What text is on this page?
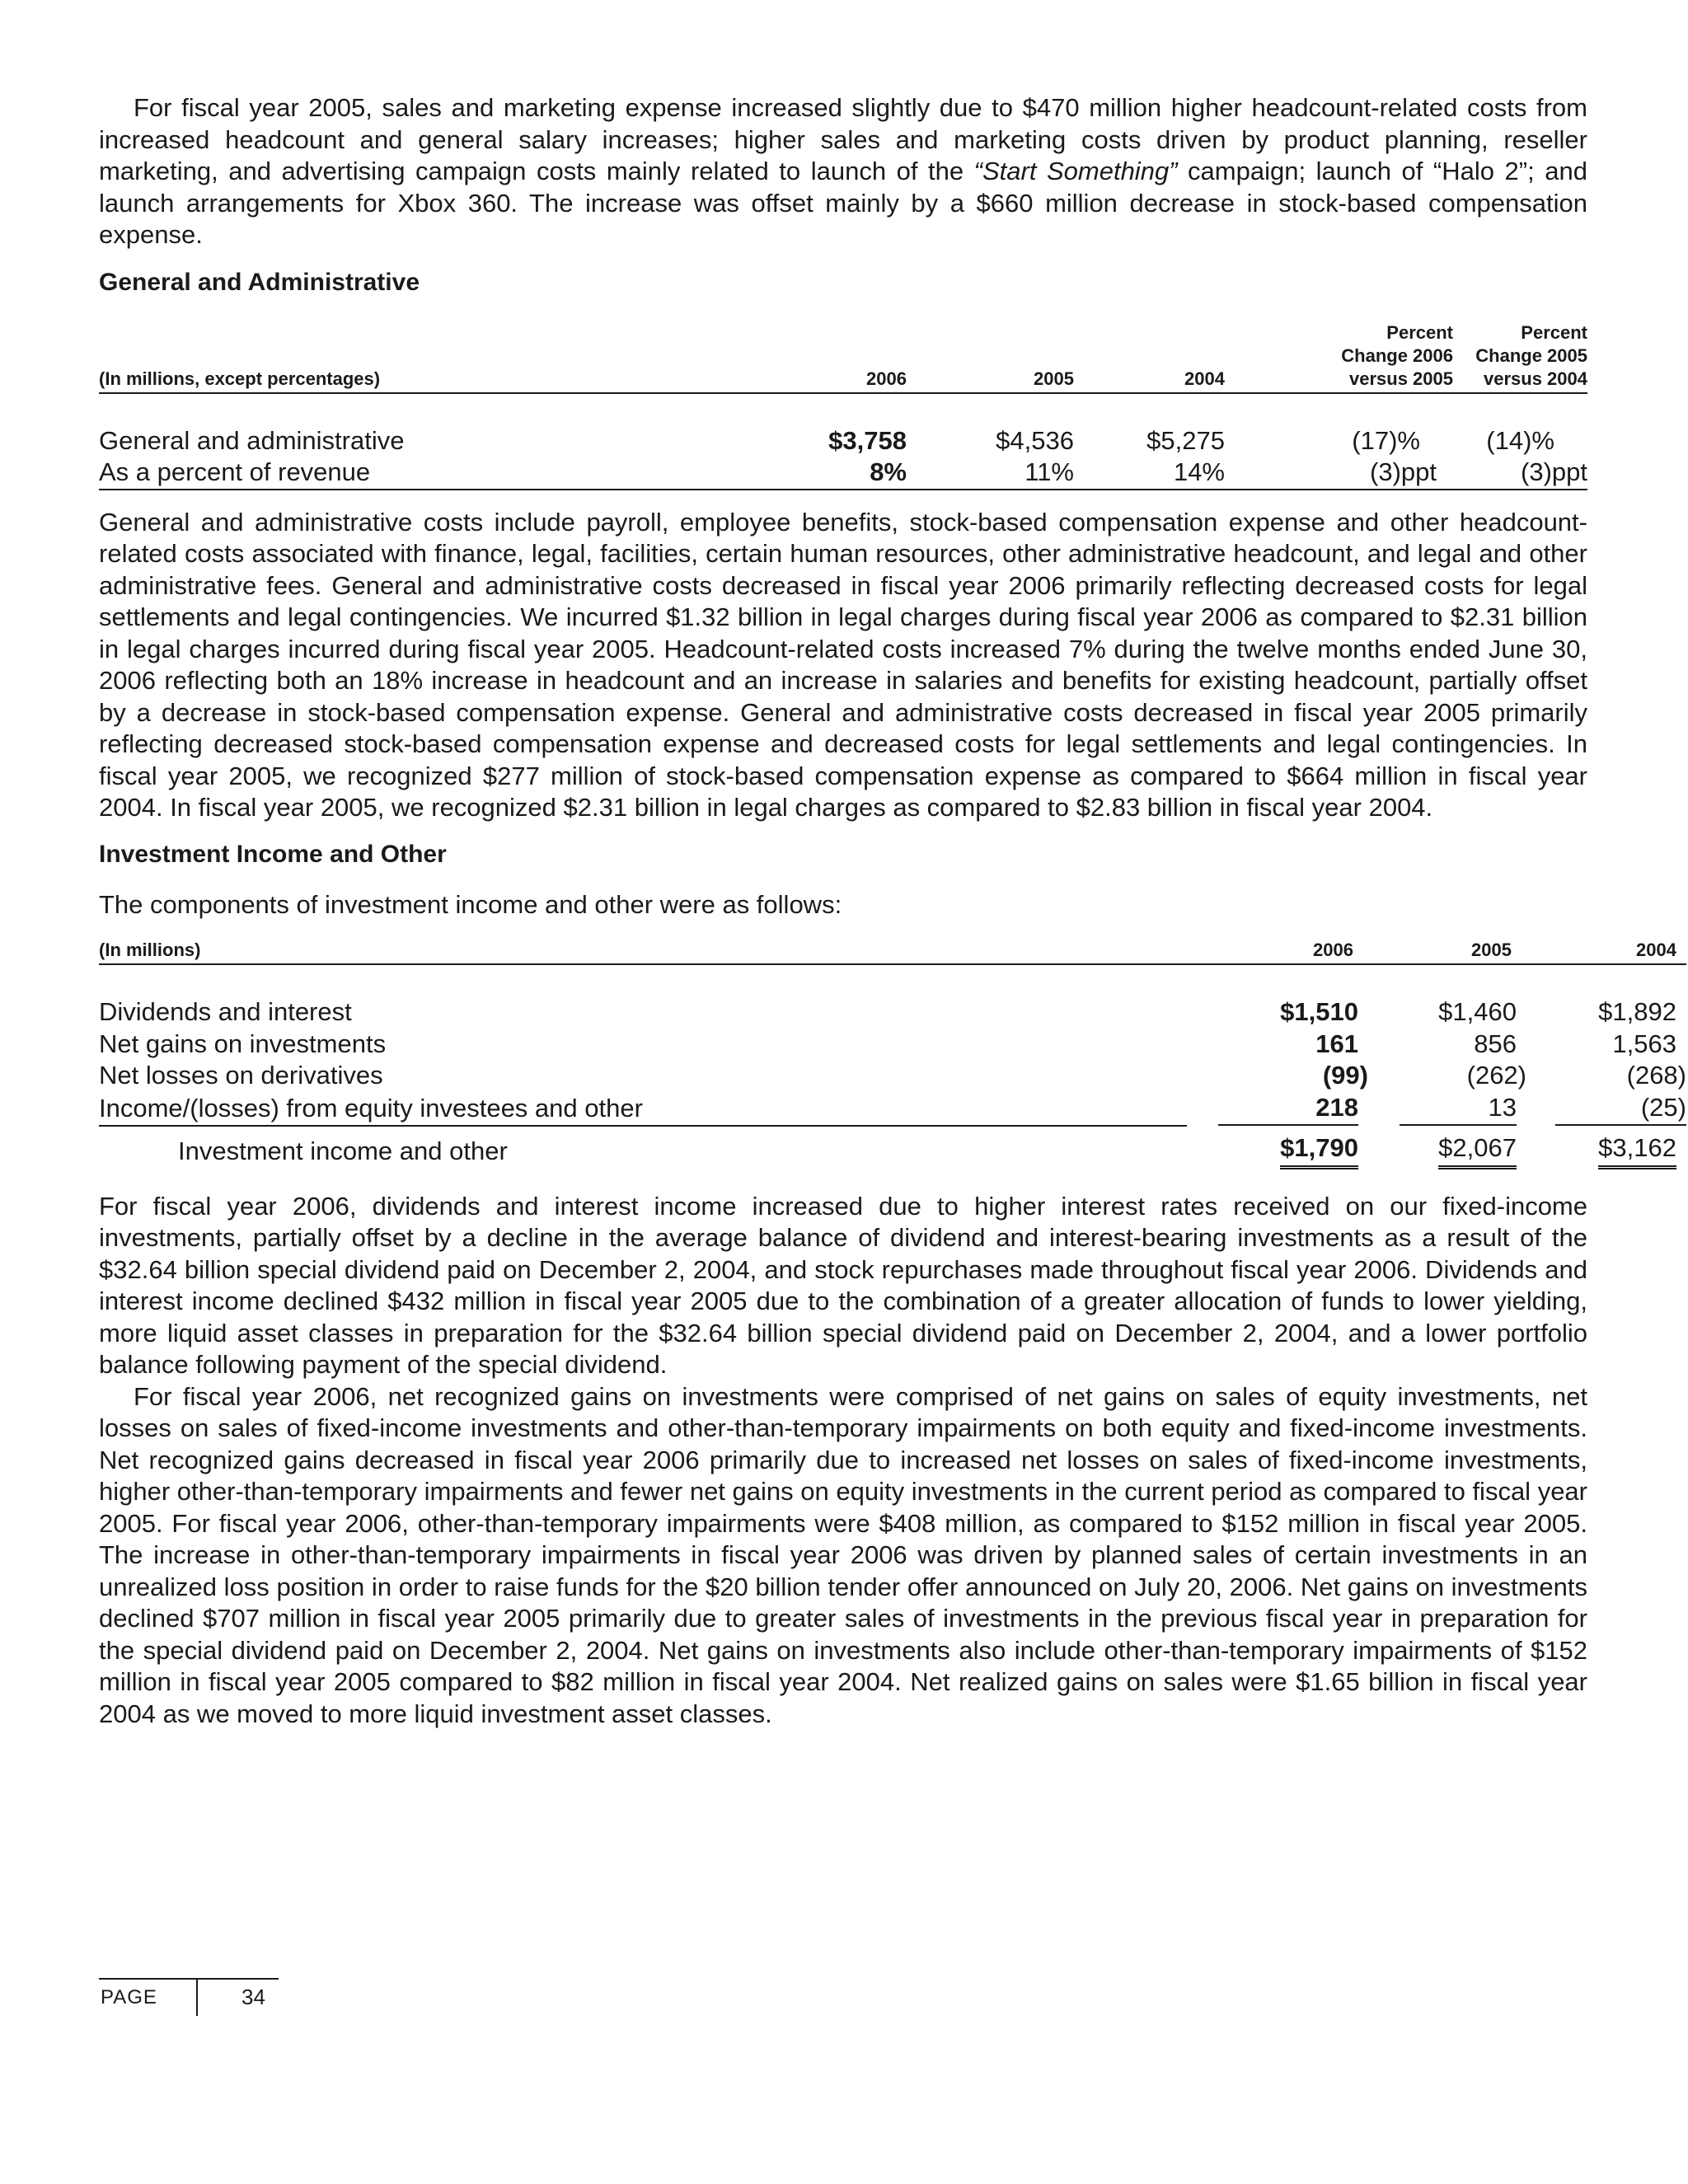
For fiscal year 2005, sales and marketing expense increased slightly due to $470 million higher headcount-related costs from increased headcount and general salary increases; higher sales and marketing costs driven by product planning, reseller marketing, and advertising campaign costs mainly related to launch of the “Start Something” campaign; launch of “Halo 2”; and launch arrangements for Xbox 360. The increase was offset mainly by a $660 million decrease in stock-based compensation expense.

General and Administrative
(In millions, except percentages)	2006	2005	2004	Percent
Change 2006
versus 2005	Percent
Change 2005
versus 2004

General and administrative	$3,758	$4,536	$5,275	(17)%	(14)%
As a percent of revenue	8%	11%	14%	(3)ppt	(3)ppt

General and administrative costs include payroll, employee benefits, stock-based compensation expense and other headcount-related costs associated with finance, legal, facilities, certain human resources, other administrative headcount, and legal and other administrative fees. General and administrative costs decreased in fiscal year 2006 primarily reflecting decreased costs for legal settlements and legal contingencies. We incurred $1.32 billion in legal charges during fiscal year 2006 as compared to $2.31 billion in legal charges incurred during fiscal year 2005. Headcount-related costs increased 7% during the twelve months ended June 30, 2006 reflecting both an 18% increase in headcount and an increase in salaries and benefits for existing headcount, partially offset by a decrease in stock-based compensation expense. General and administrative costs decreased in fiscal year 2005 primarily reflecting decreased stock-based compensation expense and decreased costs for legal settlements and legal contingencies. In fiscal year 2005, we recognized $277 million of stock-based compensation expense as compared to $664 million in fiscal year 2004. In fiscal year 2005, we recognized $2.31 billion in legal charges as compared to $2.83 billion in fiscal year 2004.

Investment Income and Other

The components of investment income and other were as follows:

(In millions)	2006	2005	2004

Dividends and interest	$1,510	$1,460	$1,892
Net gains on investments	161	856	1,563
Net losses on derivatives	(99)	(262)	(268)
Income/(losses) from equity investees and other	218	13	(25)
Investment income and other	$1,790	$2,067	$3,162

For fiscal year 2006, dividends and interest income increased due to higher interest rates received on our fixed-income investments, partially offset by a decline in the average balance of dividend and interest-bearing investments as a result of the $32.64 billion special dividend paid on December 2, 2004, and stock repurchases made throughout fiscal year 2006. Dividends and interest income declined $432 million in fiscal year 2005 due to the combination of a greater allocation of funds to lower yielding, more liquid asset classes in preparation for the $32.64 billion special dividend paid on December 2, 2004, and a lower portfolio balance following payment of the special dividend.

For fiscal year 2006, net recognized gains on investments were comprised of net gains on sales of equity investments, net losses on sales of fixed-income investments and other-than-temporary impairments on both equity and fixed-income investments. Net recognized gains decreased in fiscal year 2006 primarily due to increased net losses on sales of fixed-income investments, higher other-than-temporary impairments and fewer net gains on equity investments in the current period as compared to fiscal year 2005. For fiscal year 2006, other-than-temporary impairments were $408 million, as compared to $152 million in fiscal year 2005. The increase in other-than-temporary impairments in fiscal year 2006 was driven by planned sales of certain investments in an unrealized loss position in order to raise funds for the $20 billion tender offer announced on July 20, 2006. Net gains on investments declined $707 million in fiscal year 2005 primarily due to greater sales of investments in the previous fiscal year in preparation for the special dividend paid on December 2, 2004. Net gains on investments also include other-than-temporary impairments of $152 million in fiscal year 2005 compared to $82 million in fiscal year 2004. Net realized gains on sales were $1.65 billion in fiscal year 2004 as we moved to more liquid investment asset classes.

PAGE	34
